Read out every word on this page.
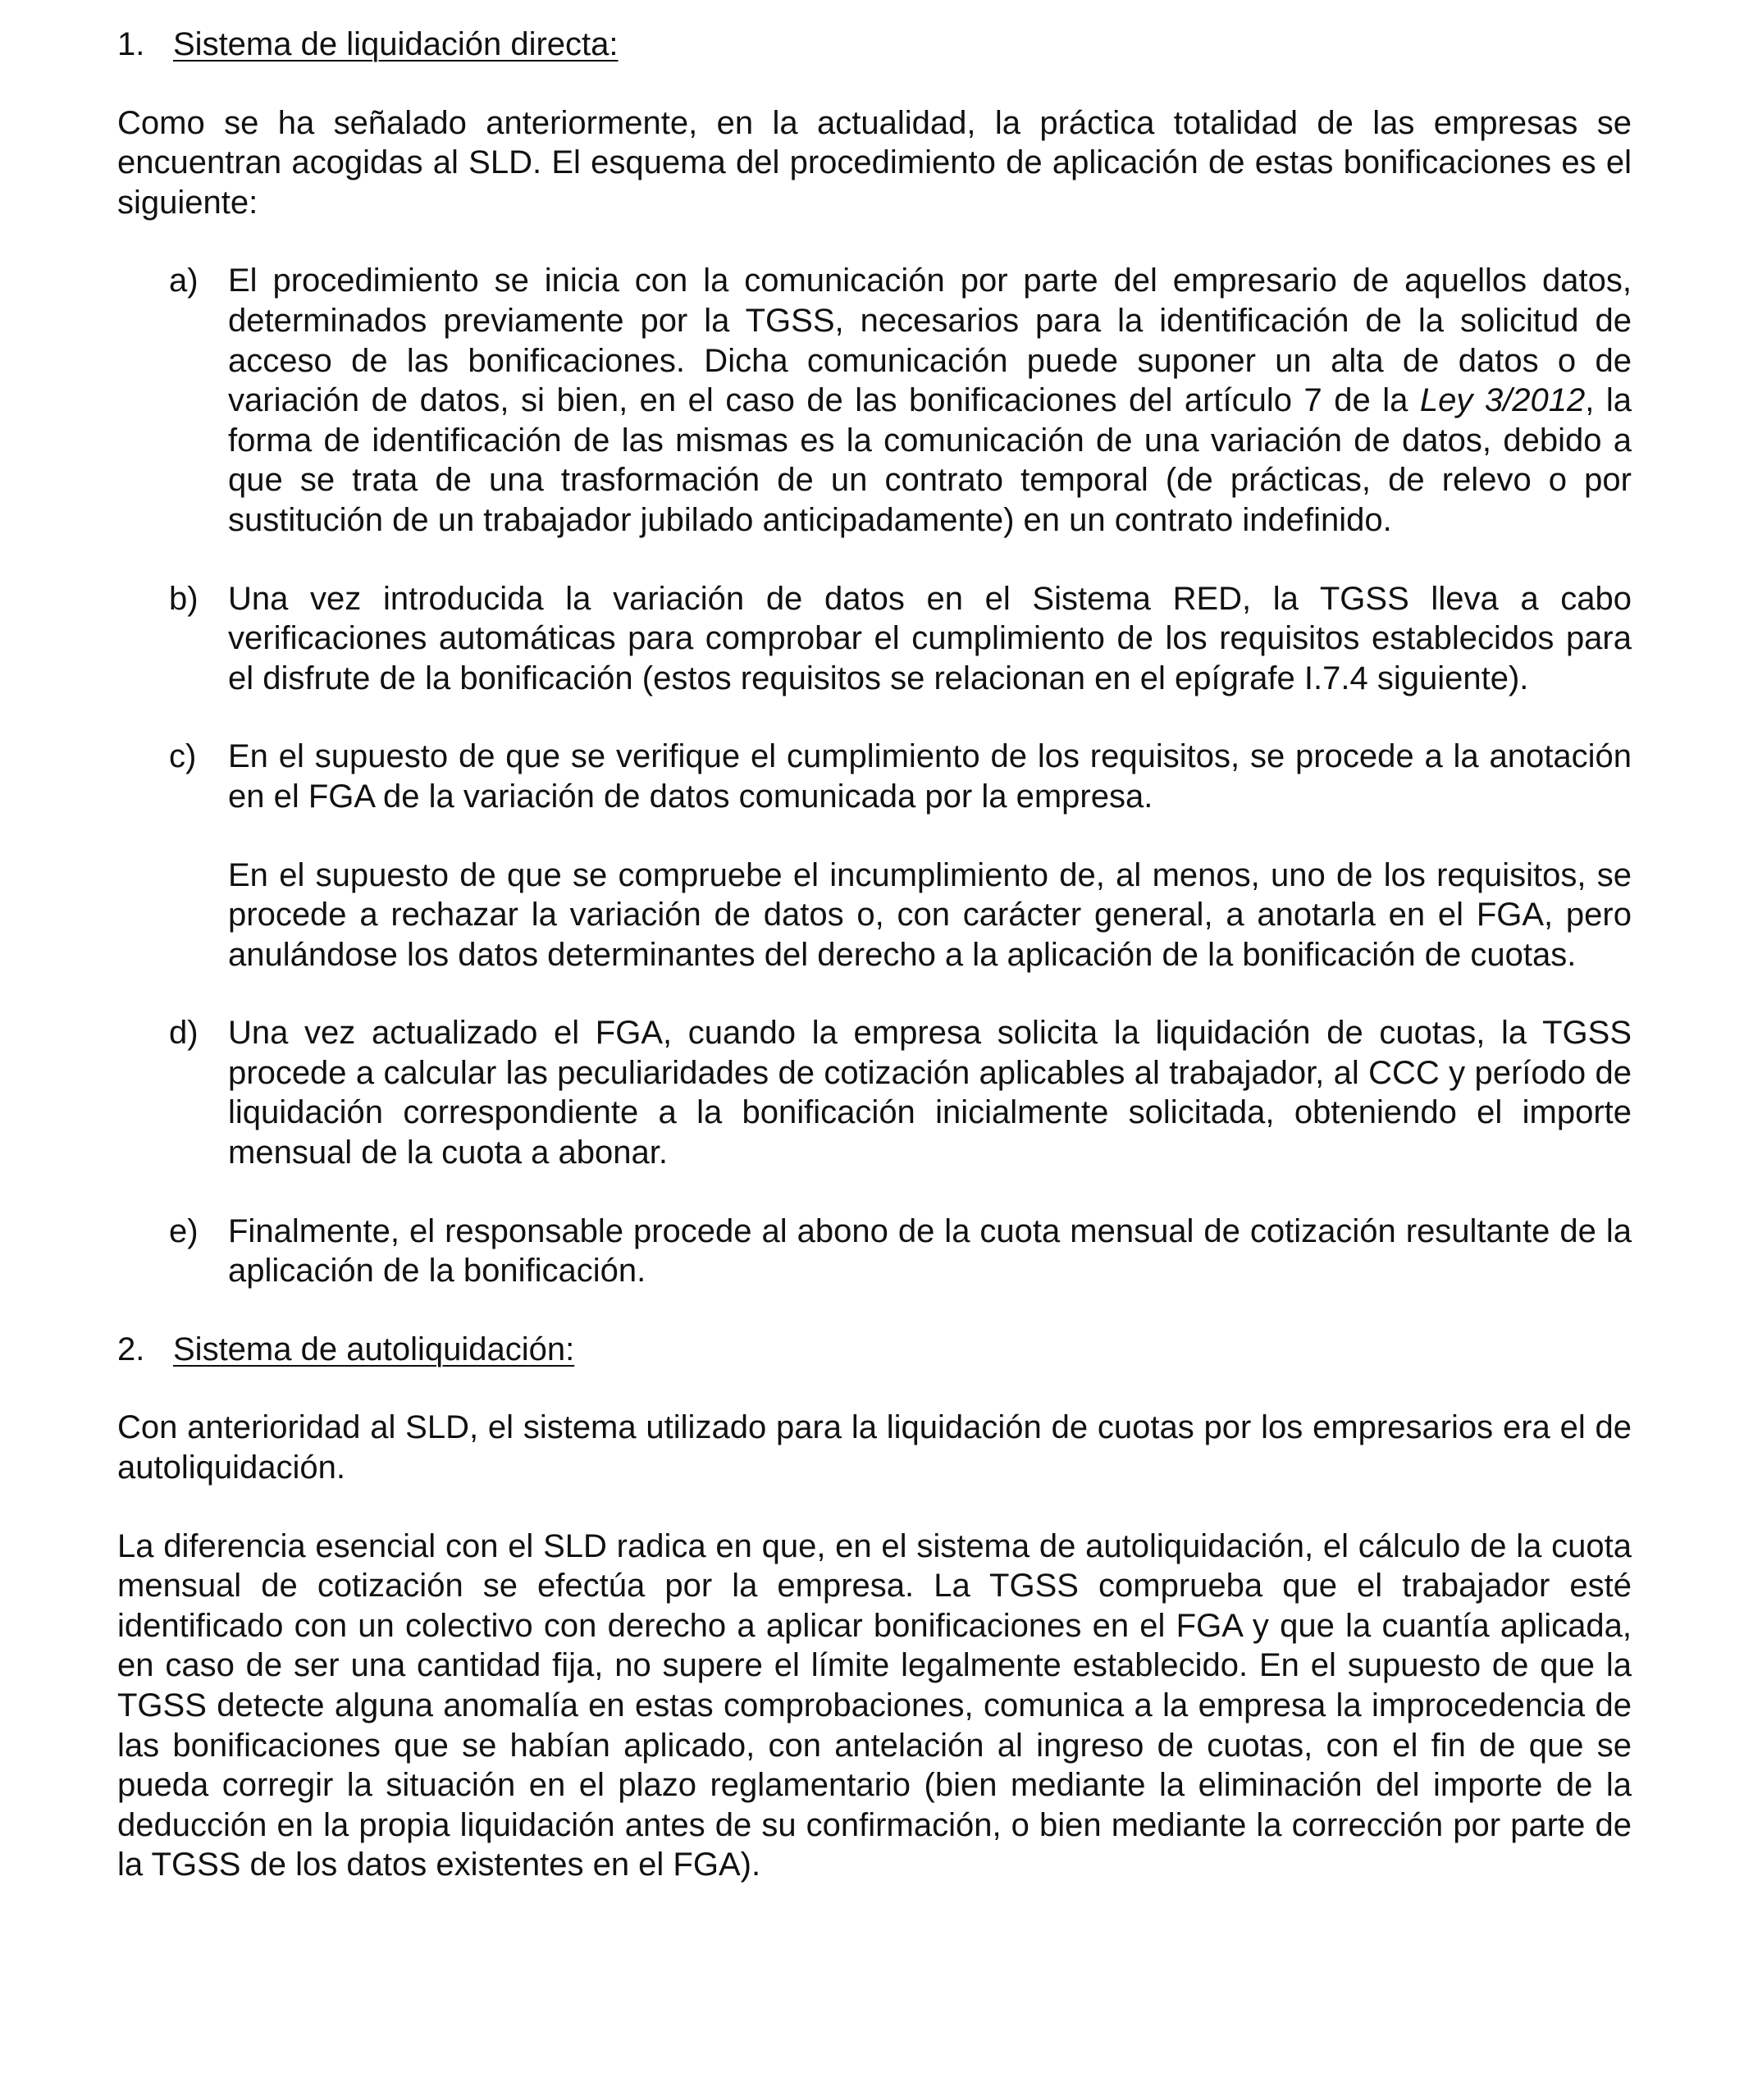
1. Sistema de liquidación directa:

Como se ha señalado anteriormente, en la actualidad, la práctica totalidad de las empresas se encuentran acogidas al SLD. El esquema del procedimiento de aplicación de estas bonificaciones es el siguiente:

a) El procedimiento se inicia con la comunicación por parte del empresario de aquellos datos, determinados previamente por la TGSS, necesarios para la identificación de la solicitud de acceso de las bonificaciones. Dicha comunicación puede suponer un alta de datos o de variación de datos, si bien, en el caso de las bonificaciones del artículo 7 de la Ley 3/2012, la forma de identificación de las mismas es la comunicación de una variación de datos, debido a que se trata de una trasformación de un contrato temporal (de prácticas, de relevo o por sustitución de un trabajador jubilado anticipadamente) en un contrato indefinido.

b) Una vez introducida la variación de datos en el Sistema RED, la TGSS lleva a cabo verificaciones automáticas para comprobar el cumplimiento de los requisitos establecidos para el disfrute de la bonificación (estos requisitos se relacionan en el epígrafe I.7.4 siguiente).

c) En el supuesto de que se verifique el cumplimiento de los requisitos, se procede a la anotación en el FGA de la variación de datos comunicada por la empresa.

En el supuesto de que se compruebe el incumplimiento de, al menos, uno de los requisitos, se procede a rechazar la variación de datos o, con carácter general, a anotarla en el FGA, pero anulándose los datos determinantes del derecho a la aplicación de la bonificación de cuotas.

d) Una vez actualizado el FGA, cuando la empresa solicita la liquidación de cuotas, la TGSS procede a calcular las peculiaridades de cotización aplicables al trabajador, al CCC y período de liquidación correspondiente a la bonificación inicialmente solicitada, obteniendo el importe mensual de la cuota a abonar.

e) Finalmente, el responsable procede al abono de la cuota mensual de cotización resultante de la aplicación de la bonificación.

2. Sistema de autoliquidación:

Con anterioridad al SLD, el sistema utilizado para la liquidación de cuotas por los empresarios era el de autoliquidación.

La diferencia esencial con el SLD radica en que, en el sistema de autoliquidación, el cálculo de la cuota mensual de cotización se efectúa por la empresa. La TGSS comprueba que el trabajador esté identificado con un colectivo con derecho a aplicar bonificaciones en el FGA y que la cuantía aplicada, en caso de ser una cantidad fija, no supere el límite legalmente establecido. En el supuesto de que la TGSS detecte alguna anomalía en estas comprobaciones, comunica a la empresa la improcedencia de las bonificaciones que se habían aplicado, con antelación al ingreso de cuotas, con el fin de que se pueda corregir la situación en el plazo reglamentario (bien mediante la eliminación del importe de la deducción en la propia liquidación antes de su confirmación, o bien mediante la corrección por parte de la TGSS de los datos existentes en el FGA).
